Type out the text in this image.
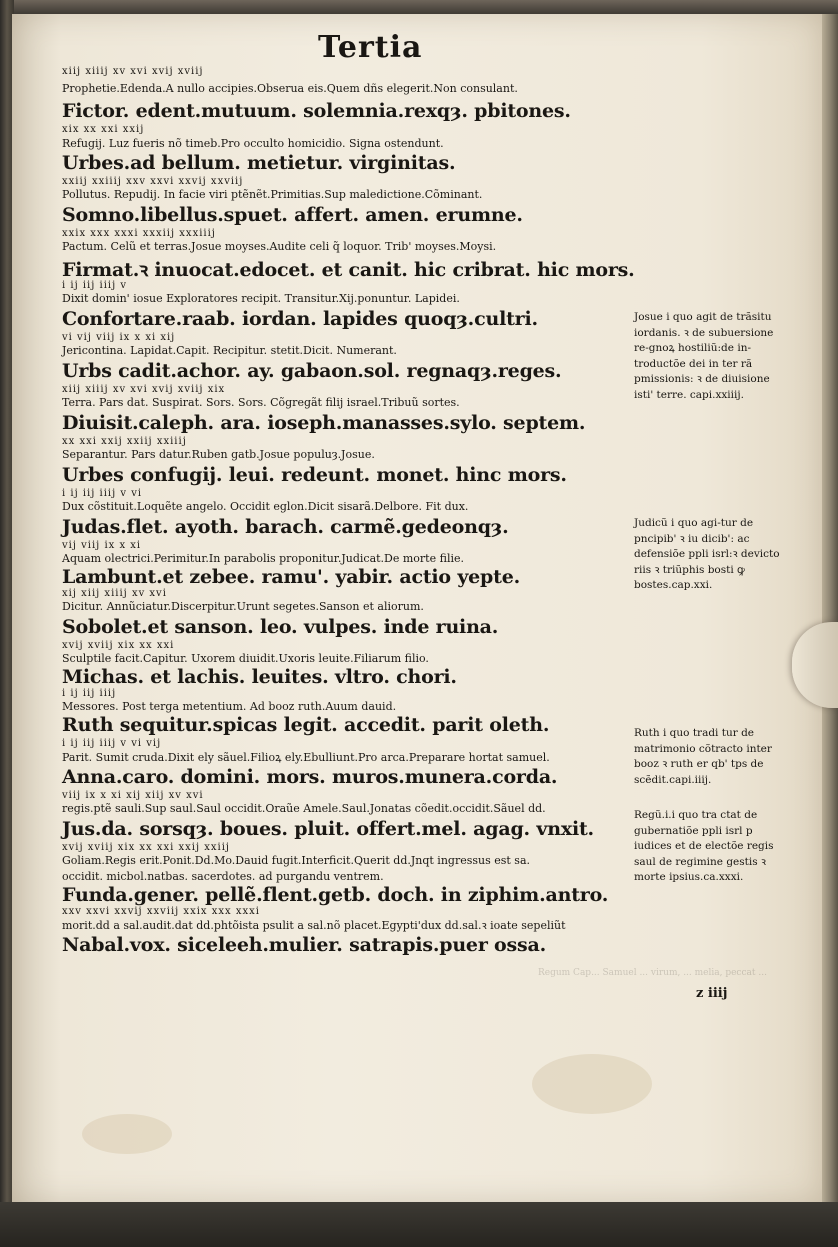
Tertia
xiij xiiij xv xvi xvij xviij
Prophetie.Edenda.A nullo accipies.Obserua eis.Quem dñs elegerit.Non consulant.
Fictor. edent.mutuum. solemnia.rexqȝ. pbitones.
xix xx xxi xxij
Refugij. Luz fueris nõ timeb.Pro occulto homicidio. Signa ostendunt.
Urbes.ad bellum. metietur. virginitas.
xxiij xxiiij xxv xxvi xxvij xxviij
Pollutus. Repudij. In facie viri ptẽnẽt.Primitias.Sup maledictione.Cõminant.
Somno.libellus.spuet. affert. amen. erumne.
xxix xxx xxxi xxxiij xxxiiij
Pactum. Celũ et terras.Josue moyses.Audite celi q̃ loquor. Trib' moyses.Moysi.
Firmat.ꝛ inuocat.edocet. et canit. hic cribrat. hic mors.
i ij iij iiij v
Dixit domin' iosue Exploratores recipit. Transitur.Xij.ponuntur. Lapidei.
Confortare.raab. iordan. lapides quoqȝ.cultri.
vi vij viij ix x xi xij
Jericontina. Lapidat.Capit. Recipitur. stetit.Dicit. Numerant.
Urbs cadit.achor. ay. gabaon.sol. regnaqȝ.reges.
xiij xiiij xv xvi xvij xviij xix
Terra. Pars dat. Suspirat. Sors. Sors. Cõgregãt filij israel.Tribuũ sortes.
Diuisit.caleph. ara. ioseph.manasses.sylo. septem.
xx xxi xxij xxiij xxiiij
Separantur. Pars datur.Ruben gatb.Josue populuȝ.Josue.
Urbes confugij. leui. redeunt. monet. hinc mors.
i ij iij iiij v vi
Dux cõstituit.Loquẽte angelo. Occidit eglon.Dicit sisarã.Delbore. Fit dux.
Judas.flet. ayoth. barach. carmẽ.gedeonqȝ.
vij viij ix x xi
Aquam olectrici.Perimitur.In parabolis proponitur.Judicat.De morte filie.
Lambunt.et zebee. ramu'. yabir. actio yepte.
xij xiij xiiij xv xvi
Dicitur. Annũciatur.Discerpitur.Urunt segetes.Sanson et aliorum.
Sobolet.et sanson. leo. vulpes. inde ruina.
xvij xviij xix xx xxi
Sculptile facit.Capitur. Uxorem diuidit.Uxoris leuite.Filiarum filio.
Michas. et lachis. leuites. vltro. chori.
i ij iij iiij
Messores. Post terga metentium. Ad booz ruth.Auum dauid.
Ruth sequitur.spicas legit. accedit. parit oleth.
i ij iij iiij v vi vij
Parit. Sumit cruda.Dixit ely sãuel.Filioꝝ ely.Ebulliunt.Pro arca.Preparare hortat samuel.
Anna.caro. domini. mors. muros.munera.corda.
viij ix x xi xij xiij xv xvi
regis.ptẽ sauli.Sup saul.Saul occidit.Oraũe Amele.Saul.Jonatas cõedit.occidit.Sãuel dd.
Jus.da. sorsqȝ. boues. pluit. offert.mel. agag. vnxit.
xvij xviij xix xx xxi xxij xxiij
Goliam.Regis erit.Ponit.Dd.Mo.Dauid fugit.Interficit.Querit dd.Jnqt ingressus est sa.
occidit. micbol.natbas. sacerdotes. ad purgandu ventrem.
Funda.gener. pellẽ.flent.getb. doch. in ziphim.antro.
xxv xxvi xxvij xxviij xxix xxx xxxi
morit.dd a sal.audit.dat dd.phtõista psulit a sal.nõ placet.Egypti'dux dd.sal.ꝛ ioate sepeliũt
Nabal.vox. siceleeh.mulier. satrapis.puer ossa.
Josue i quo agit de trãsitu iordanis. ꝛ de subuersione re-gnoꝝ hostiliũ:de in-troductõe dei in ter rã pmissionis: ꝛ de diuisione isti' terre. capi.xxiiij.
Judicũ i quo agi-tur de pncipib' ꝛ iu dicib': ac defensiõe ppli isrl:ꝛ devicto riis ꝛ triũphis bosti ꝙ bostes.cap.xxi.
Ruth i quo tradi tur de matrimonio cõtracto inter booz ꝛ ruth er qb' tps de scẽdit.capi.iiij.
Regũ.i.i quo tra ctat de gubernatiõe ppli isrl p iudices et de electõe regis saul de regimine gestis ꝛ morte ipsius.ca.xxxi.
Regum Cap... Samuel ... virum, ... melia, peccat ...
z iiij
